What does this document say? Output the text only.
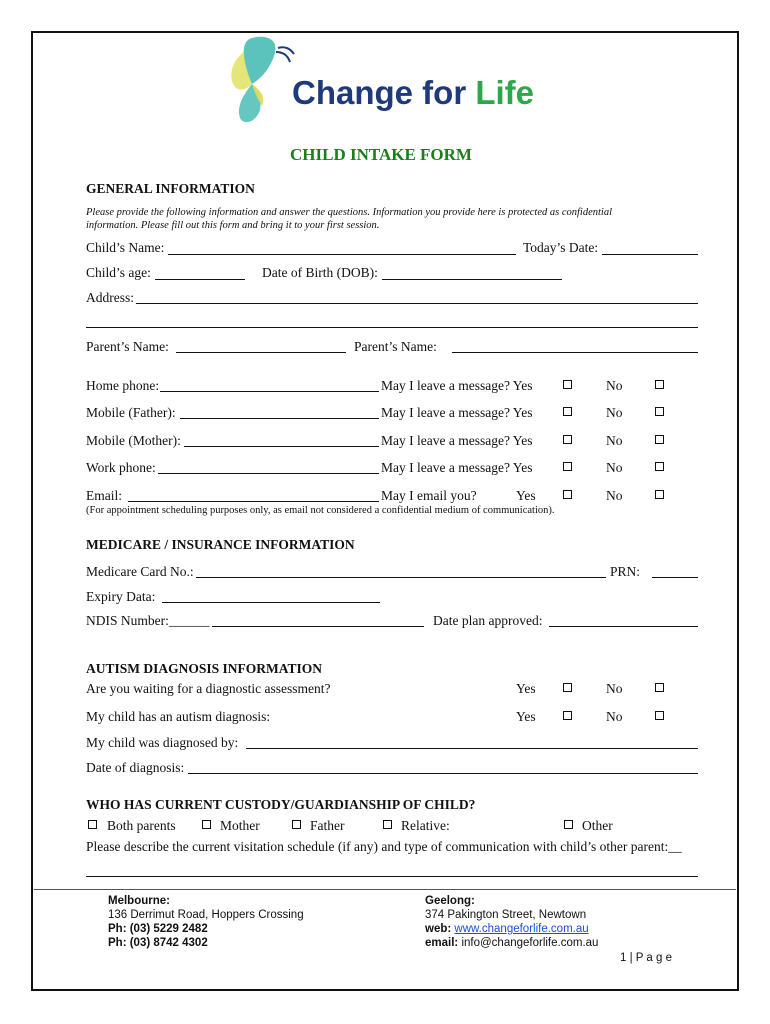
Change for Life
CHILD INTAKE FORM
GENERAL INFORMATION
Please provide the following information and answer the questions. Information you provide here is protected as confidential
information. Please fill out this form and bring it to your first session.
Child’s Name:	Today’s Date:
Child’s age:	Date of Birth (DOB):
Address:
Parent’s Name:	Parent’s Name:
Home phone:	May I leave a message? Yes	No
Mobile (Father):	May I leave a message? Yes	No
Mobile (Mother):	May I leave a message? Yes	No
Work phone:	May I leave a message? Yes	No
Email:	May I email you?	Yes	No
(For appointment scheduling purposes only, as email not considered a confidential medium of communication).
MEDICARE / INSURANCE INFORMATION
Medicare Card No.:	PRN:
Expiry Data:
NDIS Number:______	Date plan approved:
AUTISM DIAGNOSIS INFORMATION
Are you waiting for a diagnostic assessment?	Yes	No
My child has an autism diagnosis:	Yes	No
My child was diagnosed by:
Date of diagnosis:
WHO HAS CURRENT CUSTODY/GUARDIANSHIP OF CHILD?
Both parents	Mother	Father	Relative:	Other
Please describe the current visitation schedule (if any) and type of communication with child’s other parent:__
Melbourne:
136 Derrimut Road, Hoppers Crossing
Ph: (03) 5229 2482
Ph: (03) 8742 4302
Geelong:
374 Pakington Street, Newtown
web: www.changeforlife.com.au
email: info@changeforlife.com.au
1 | P a g e
